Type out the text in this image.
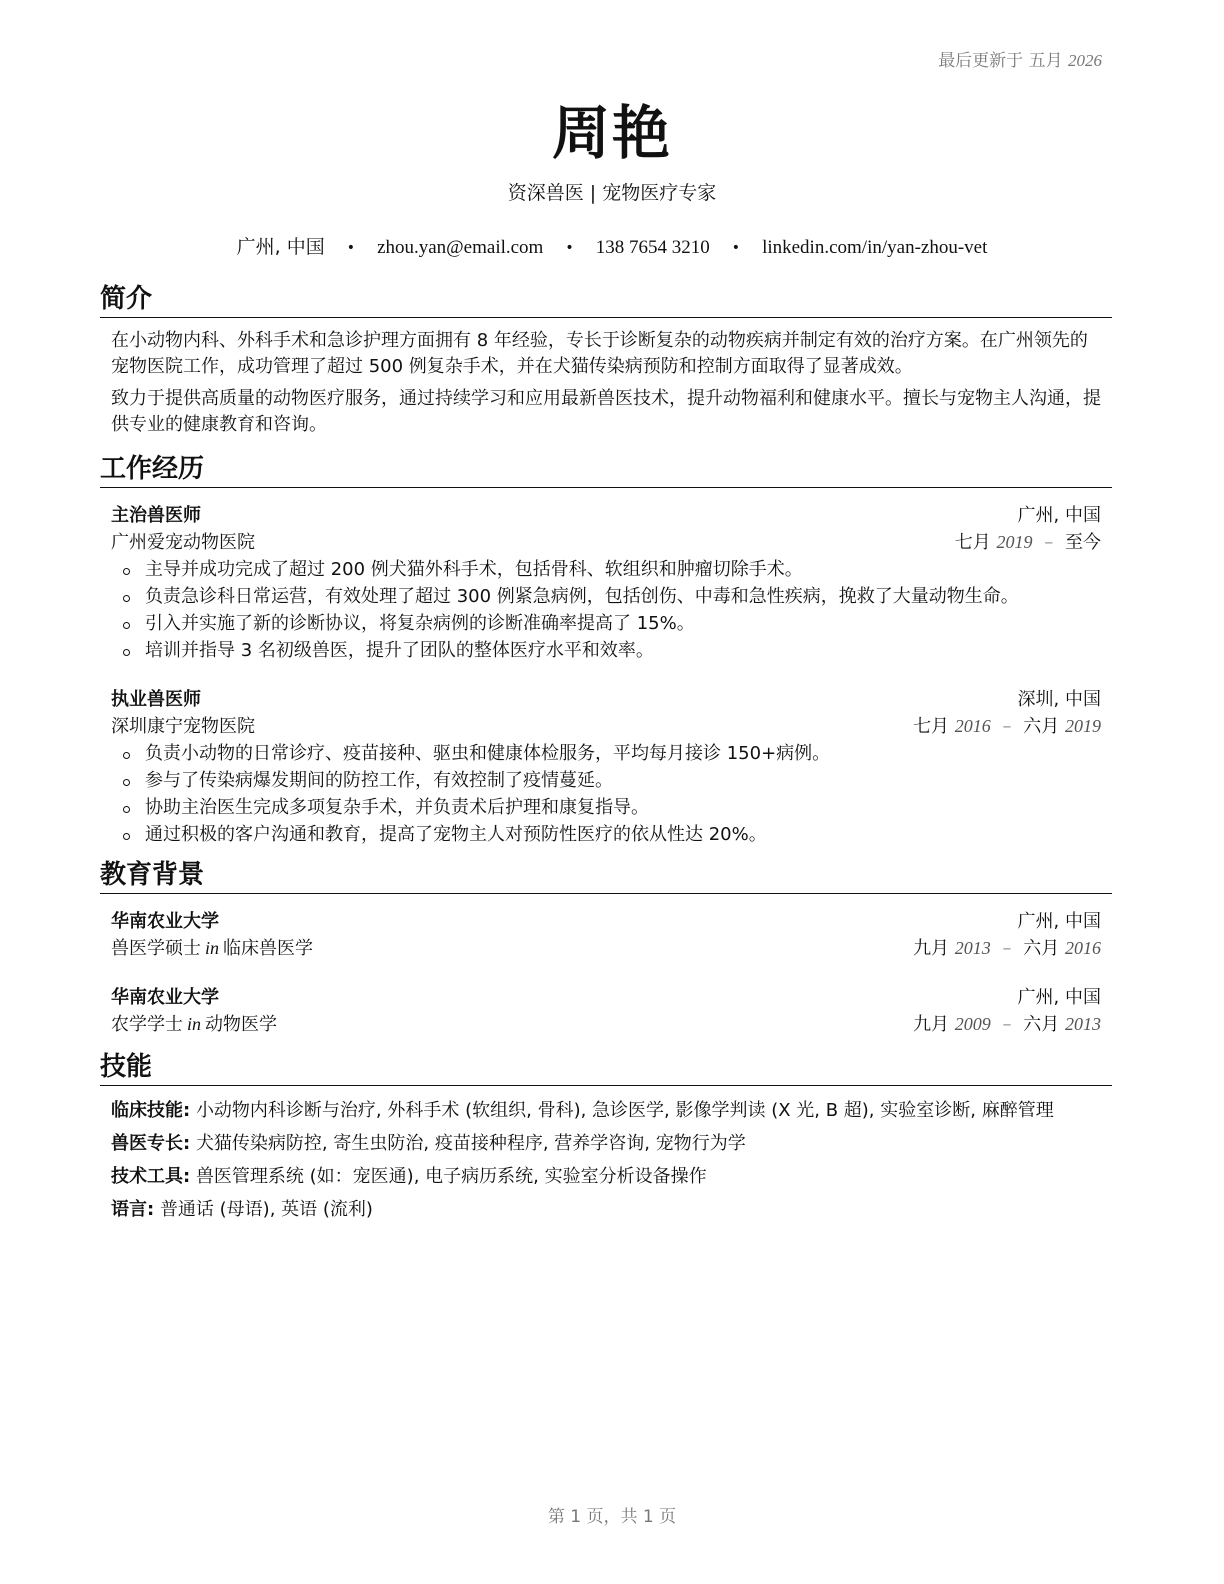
最后更新于 五月 2026
周艳
资深兽医 | 宠物医疗专家
广州, 中国 • zhou.yan@email.com • 138 7654 3210 • linkedin.com/in/yan-zhou-vet
简介

在小动物内科、外科手术和急诊护理方面拥有 8 年经验，专长于诊断复杂的动物疾病并制定有效的治疗方案。在广州领先的宠物医院工作，成功管理了超过 500 例复杂手术，并在犬猫传染病预防和控制方面取得了显著成效。

致力于提供高质量的动物医疗服务，通过持续学习和应用最新兽医技术，提升动物福利和健康水平。擅长与宠物主人沟通，提供专业的健康教育和咨询。

工作经历
主治兽医师	广州, 中国
广州爱宠动物医院	七月 2019 – 至今
主导并成功完成了超过 200 例犬猫外科手术，包括骨科、软组织和肿瘤切除手术。
负责急诊科日常运营，有效处理了超过 300 例紧急病例，包括创伤、中毒和急性疾病，挽救了大量动物生命。
引入并实施了新的诊断协议，将复杂病例的诊断准确率提高了 15%。
培训并指导 3 名初级兽医，提升了团队的整体医疗水平和效率。
执业兽医师	深圳, 中国
深圳康宁宠物医院	七月 2016 – 六月 2019
负责小动物的日常诊疗、疫苗接种、驱虫和健康体检服务，平均每月接诊 150+病例。
参与了传染病爆发期间的防控工作，有效控制了疫情蔓延。
协助主治医生完成多项复杂手术，并负责术后护理和康复指导。
通过积极的客户沟通和教育，提高了宠物主人对预防性医疗的依从性达 20%。
教育背景
华南农业大学	广州, 中国
兽医学硕士 in 临床兽医学	九月 2013 – 六月 2016
华南农业大学	广州, 中国
农学学士 in 动物医学	九月 2009 – 六月 2013
技能
临床技能: 小动物内科诊断与治疗, 外科手术 (软组织, 骨科), 急诊医学, 影像学判读 (X 光, B 超), 实验室诊断, 麻醉管理
兽医专长: 犬猫传染病防控, 寄生虫防治, 疫苗接种程序, 营养学咨询, 宠物行为学
技术工具: 兽医管理系统 (如：宠医通), 电子病历系统, 实验室分析设备操作
语言: 普通话 (母语), 英语 (流利)
第 1 页，共 1 页
